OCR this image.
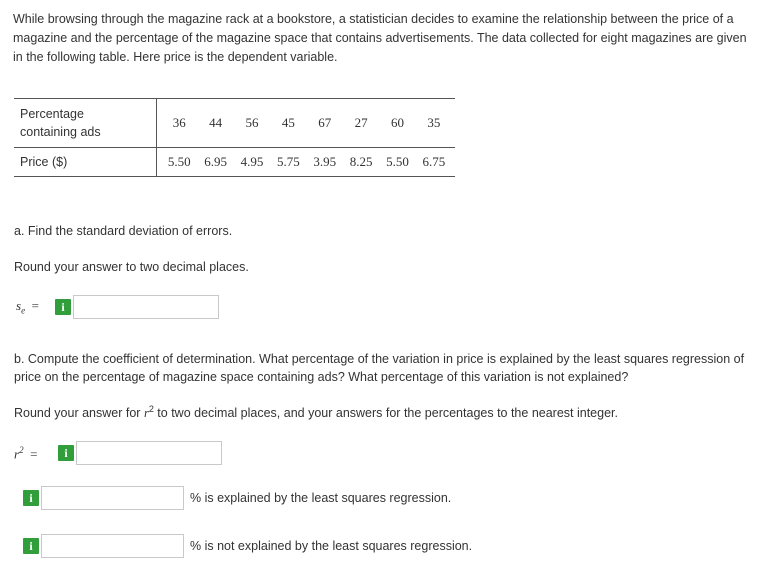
While browsing through the magazine rack at a bookstore, a statistician decides to examine the relationship between the price of a magazine and the percentage of the magazine space that contains advertisements. The data collected for eight magazines are given in the following table. Here price is the dependent variable.

Percentage
containing ads	36 44 56 45 67 27 60 35
Price ($)	5.50 6.95 4.95 5.75 3.95 8.25 5.50 6.75
a. Find the standard deviation of errors.
Round your answer to two decimal places.
$s_e$ =	i

b. Compute the coefficient of determination. What percentage of the variation in price is explained by the least squares regression of price on the percentage of magazine space containing ads? What percentage of this variation is not explained?

Round your answer for $r^2$ to two decimal places, and your answers for the percentages to the nearest integer.
$r^2$ =	i
i	% is explained by the least squares regression.
i	% is not explained by the least squares regression.
